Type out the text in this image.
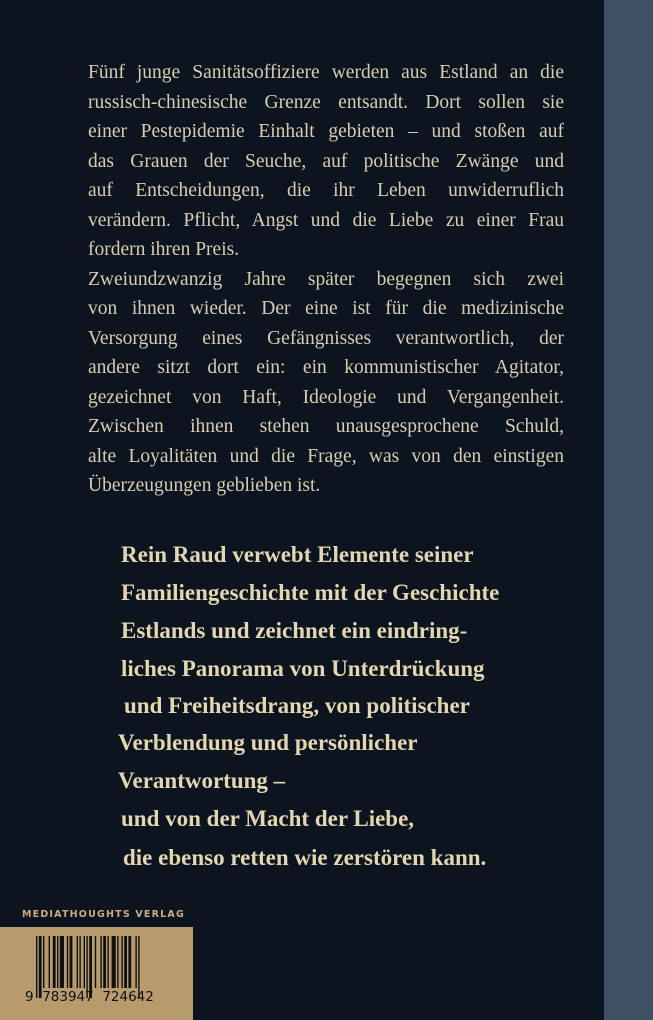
Fünf junge Sanitätsoffiziere werden aus Estland an die
russisch-chinesische Grenze entsandt. Dort sollen sie
einer Pestepidemie Einhalt gebieten – und stoßen auf
das Grauen der Seuche, auf politische Zwänge und
auf Entscheidungen, die ihr Leben unwiderruflich
verändern. Pflicht, Angst und die Liebe zu einer Frau
fordern ihren Preis.
Zweiundzwanzig Jahre später begegnen sich zwei
von ihnen wieder. Der eine ist für die medizinische
Versorgung eines Gefängnisses verantwortlich, der
andere sitzt dort ein: ein kommunistischer Agitator,
gezeichnet von Haft, Ideologie und Vergangenheit.
Zwischen ihnen stehen unausgesprochene Schuld,
alte Loyalitäten und die Frage, was von den einstigen
Überzeugungen geblieben ist.
Rein Raud verwebt Elemente seiner
Familiengeschichte mit der Geschichte
Estlands und zeichnet ein eindring-
liches Panorama von Unterdrückung
und Freiheitsdrang, von politischer
Verblendung und persönlicher
Verantwortung –
und von der Macht der Liebe,
die ebenso retten wie zerstören kann.
MEDIATHOUGHTS VERLAG
9 783947 724642
